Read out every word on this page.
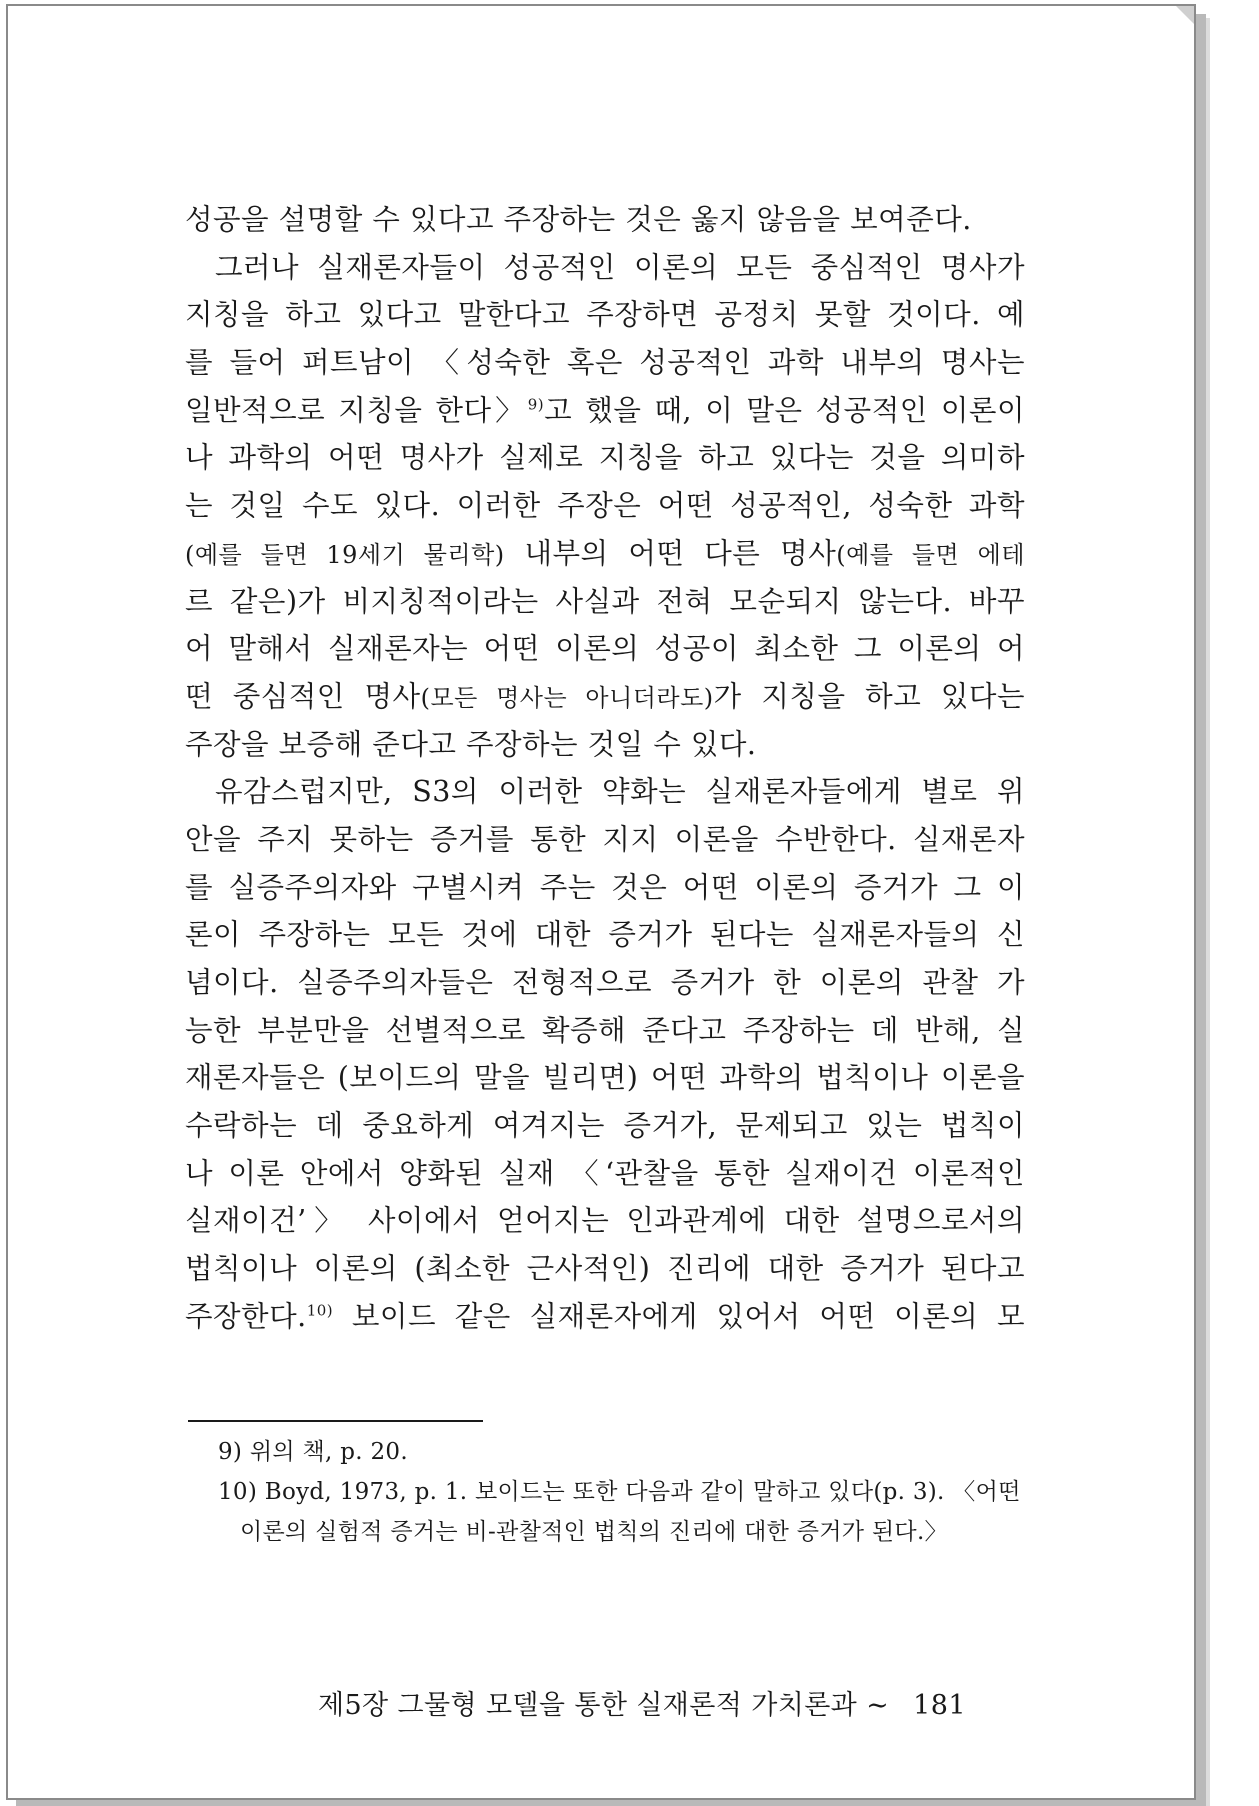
성공을 설명할 수 있다고 주장하는 것은 옳지 않음을 보여준다.
그러나 실재론자들이 성공적인 이론의 모든 중심적인 명사가
지칭을 하고 있다고 말한다고 주장하면 공정치 못할 것이다. 예
를 들어 퍼트남이 〈성숙한 혹은 성공적인 과학 내부의 명사는
일반적으로 지칭을 한다〉$^{9)}$고 했을 때, 이 말은 성공적인 이론이
나 과학의 어떤 명사가 실제로 지칭을 하고 있다는 것을 의미하
는 것일 수도 있다. 이러한 주장은 어떤 성공적인, 성숙한 과학
(예를 들면 19세기 물리학) 내부의 어떤 다른 명사(예를 들면 에테
르 같은)가 비지칭적이라는 사실과 전혀 모순되지 않는다. 바꾸
어 말해서 실재론자는 어떤 이론의 성공이 최소한 그 이론의 어
떤 중심적인 명사(모든 명사는 아니더라도)가 지칭을 하고 있다는
주장을 보증해 준다고 주장하는 것일 수 있다.
유감스럽지만, S3의 이러한 약화는 실재론자들에게 별로 위
안을 주지 못하는 증거를 통한 지지 이론을 수반한다. 실재론자
를 실증주의자와 구별시켜 주는 것은 어떤 이론의 증거가 그 이
론이 주장하는 모든 것에 대한 증거가 된다는 실재론자들의 신
념이다. 실증주의자들은 전형적으로 증거가 한 이론의 관찰 가
능한 부분만을 선별적으로 확증해 준다고 주장하는 데 반해, 실
재론자들은 (보이드의 말을 빌리면) 어떤 과학의 법칙이나 이론을
수락하는 데 중요하게 여겨지는 증거가, 문제되고 있는 법칙이
나 이론 안에서 양화된 실재 〈‘관찰을 통한 실재이건 이론적인
실재이건’〉 사이에서 얻어지는 인과관계에 대한 설명으로서의
법칙이나 이론의 (최소한 근사적인) 진리에 대한 증거가 된다고
주장한다.$^{10)}$ 보이드 같은 실재론자에게 있어서 어떤 이론의 모
9) 위의 책, p. 20.
10) Boyd, 1973, p. 1. 보이드는 또한 다음과 같이 말하고 있다(p. 3). 〈어떤
이론의 실험적 증거는 비-관찰적인 법칙의 진리에 대한 증거가 된다.〉
제5장 그물형 모델을 통한 실재론적 가치론과 ∼ 181
